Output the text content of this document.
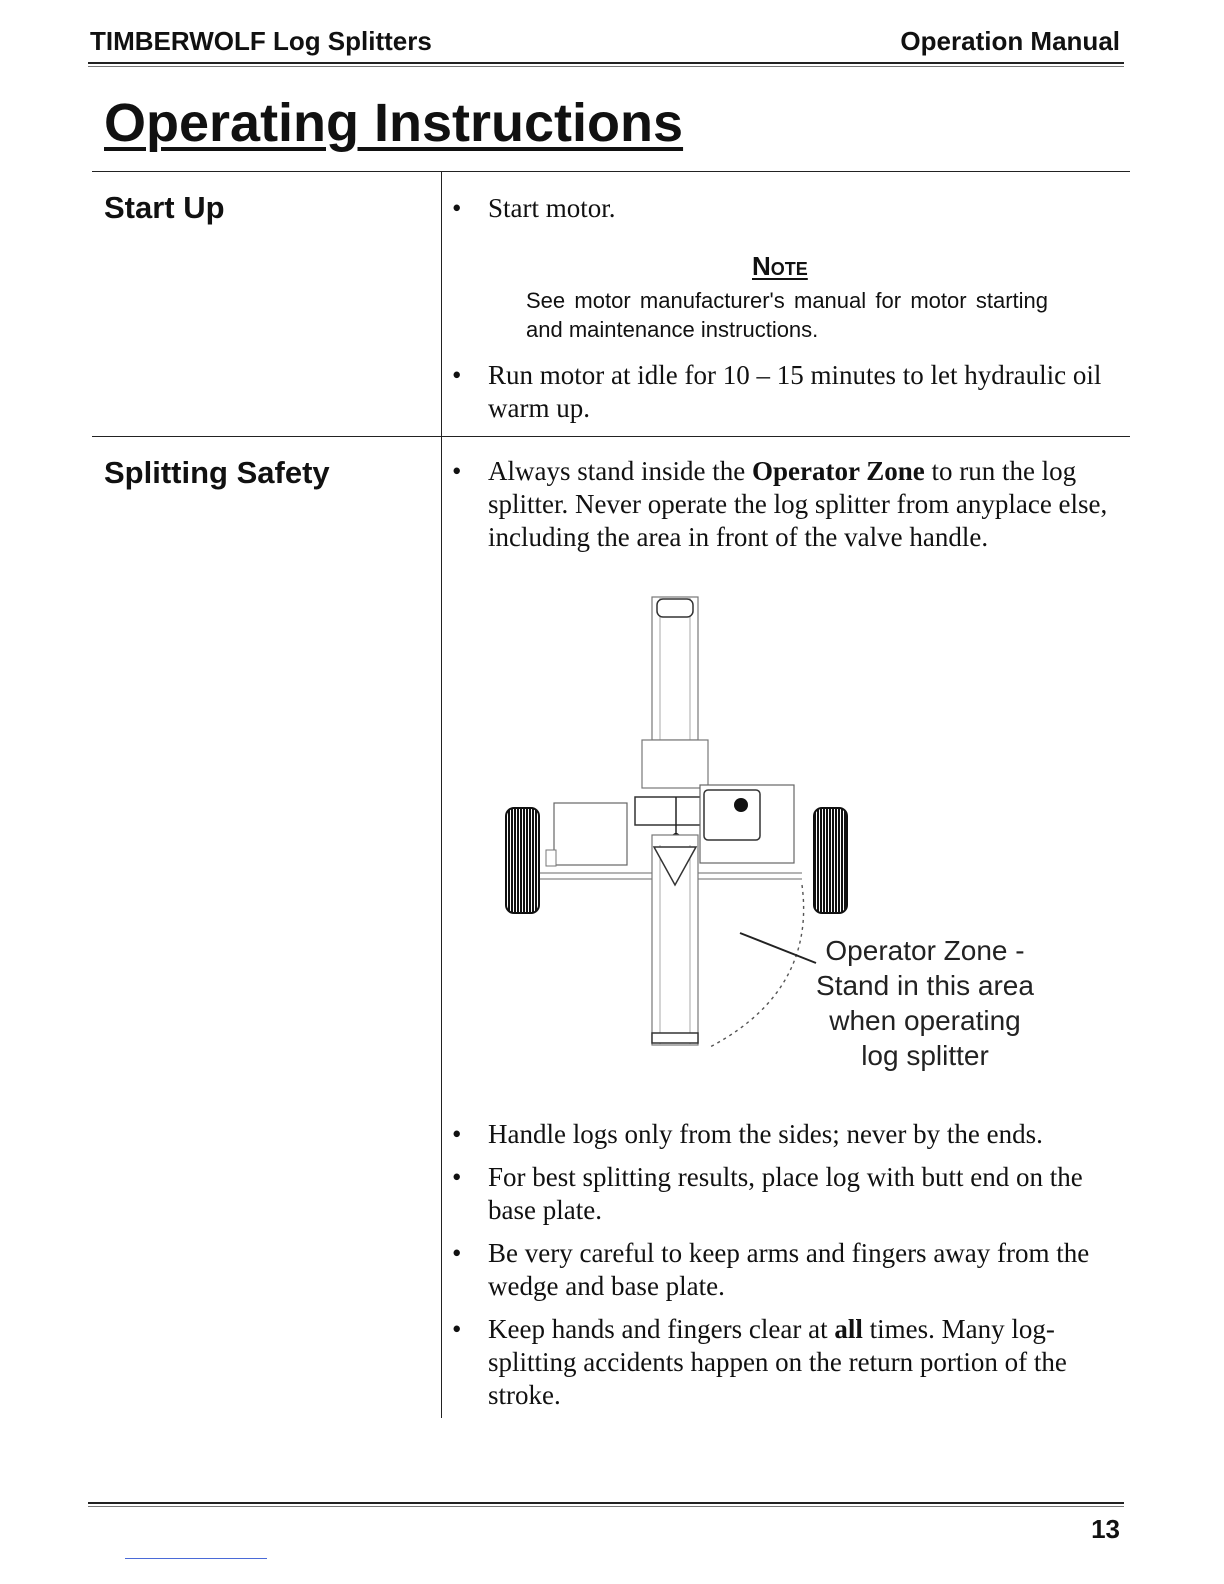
TIMBERWOLF Log Splitters	Operation Manual
Operating Instructions
Start Up	• Start motor.
Note
See motor manufacturer's manual for motor starting and maintenance instructions.
• Run motor at idle for 10 – 15 minutes to let hydraulic oil warm up.
Splitting Safety	• Always stand inside the Operator Zone to run the log splitter. Never operate the log splitter from anyplace else, including the area in front of the valve handle.
Operator Zone -
Stand in this area
when operating
log splitter
• Handle logs only from the sides; never by the ends.
• For best splitting results, place log with butt end on the base plate.
• Be very careful to keep arms and fingers away from the wedge and base plate.
• Keep hands and fingers clear at all times. Many log-splitting accidents happen on the return portion of the stroke.
13
